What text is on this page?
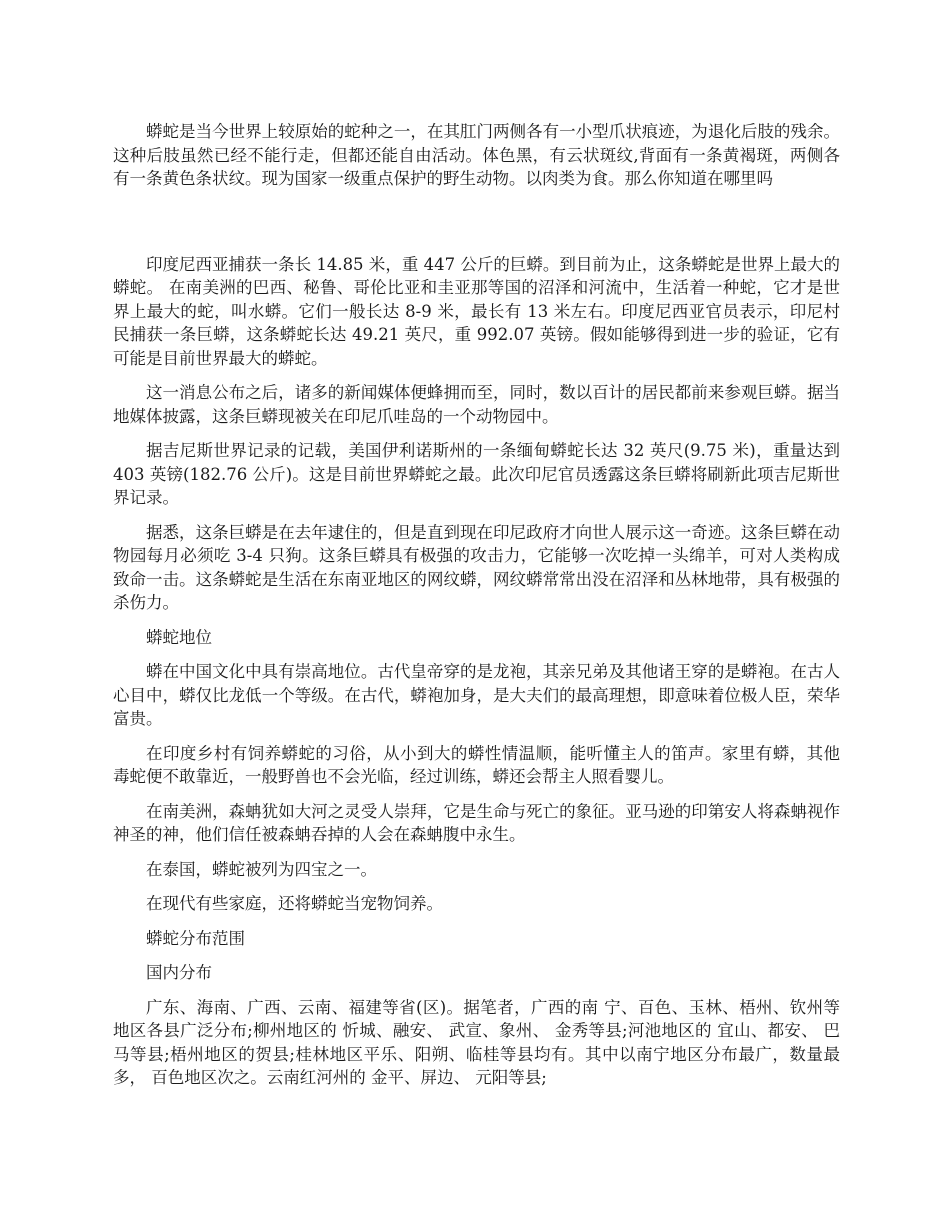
蟒蛇是当今世界上较原始的蛇种之一，在其肛门两侧各有一小型爪状痕迹，为退化后肢的残余。这种后肢虽然已经不能行走，但都还能自由活动。体色黑，有云状斑纹,背面有一条黄褐斑，两侧各有一条黄色条状纹。现为国家一级重点保护的野生动物。以肉类为食。那么你知道在哪里吗

印度尼西亚捕获一条长 14.85 米，重 447 公斤的巨蟒。到目前为止，这条蟒蛇是世界上最大的蟒蛇。 在南美洲的巴西、秘鲁、哥伦比亚和圭亚那等国的沼泽和河流中，生活着一种蛇，它才是世界上最大的蛇，叫水蟒。它们一般长达 8-9 米，最长有 13 米左右。印度尼西亚官员表示，印尼村民捕获一条巨蟒，这条蟒蛇长达 49.21 英尺，重 992.07 英镑。假如能够得到进一步的验证，它有可能是目前世界最大的蟒蛇。

这一消息公布之后，诸多的新闻媒体便蜂拥而至，同时，数以百计的居民都前来参观巨蟒。据当地媒体披露，这条巨蟒现被关在印尼爪哇岛的一个动物园中。

据吉尼斯世界记录的记载，美国伊利诺斯州的一条缅甸蟒蛇长达 32 英尺(9.75 米)，重量达到 403 英镑(182.76 公斤)。这是目前世界蟒蛇之最。此次印尼官员透露这条巨蟒将刷新此项吉尼斯世界记录。

据悉，这条巨蟒是在去年逮住的，但是直到现在印尼政府才向世人展示这一奇迹。这条巨蟒在动物园每月必须吃 3-4 只狗。这条巨蟒具有极强的攻击力，它能够一次吃掉一头绵羊，可对人类构成致命一击。这条蟒蛇是生活在东南亚地区的网纹蟒，网纹蟒常常出没在沼泽和丛林地带，具有极强的杀伤力。

蟒蛇地位

蟒在中国文化中具有崇高地位。古代皇帝穿的是龙袍，其亲兄弟及其他诸王穿的是蟒袍。在古人心目中，蟒仅比龙低一个等级。在古代，蟒袍加身，是大夫们的最高理想，即意味着位极人臣，荣华富贵。

在印度乡村有饲养蟒蛇的习俗，从小到大的蟒性情温顺，能听懂主人的笛声。家里有蟒，其他 毒蛇便不敢靠近，一般野兽也不会光临，经过训练，蟒还会帮主人照看婴儿。

在南美洲，森蚺犹如大河之灵受人崇拜，它是生命与死亡的象征。亚马逊的印第安人将森蚺视作神圣的神，他们信任被森蚺吞掉的人会在森蚺腹中永生。

在泰国，蟒蛇被列为四宝之一。

在现代有些家庭，还将蟒蛇当宠物饲养。

蟒蛇分布范围

国内分布

广东、海南、广西、云南、福建等省(区)。据笔者，广西的南 宁、百色、玉林、梧州、钦州等地区各县广泛分布;柳州地区的 忻城、融安、 武宣、象州、 金秀等县;河池地区的 宜山、都安、 巴马等县;梧州地区的贺县;桂林地区平乐、阳朔、临桂等县均有。其中以南宁地区分布最广，数量最多， 百色地区次之。云南红河州的 金平、屏边、 元阳等县;
